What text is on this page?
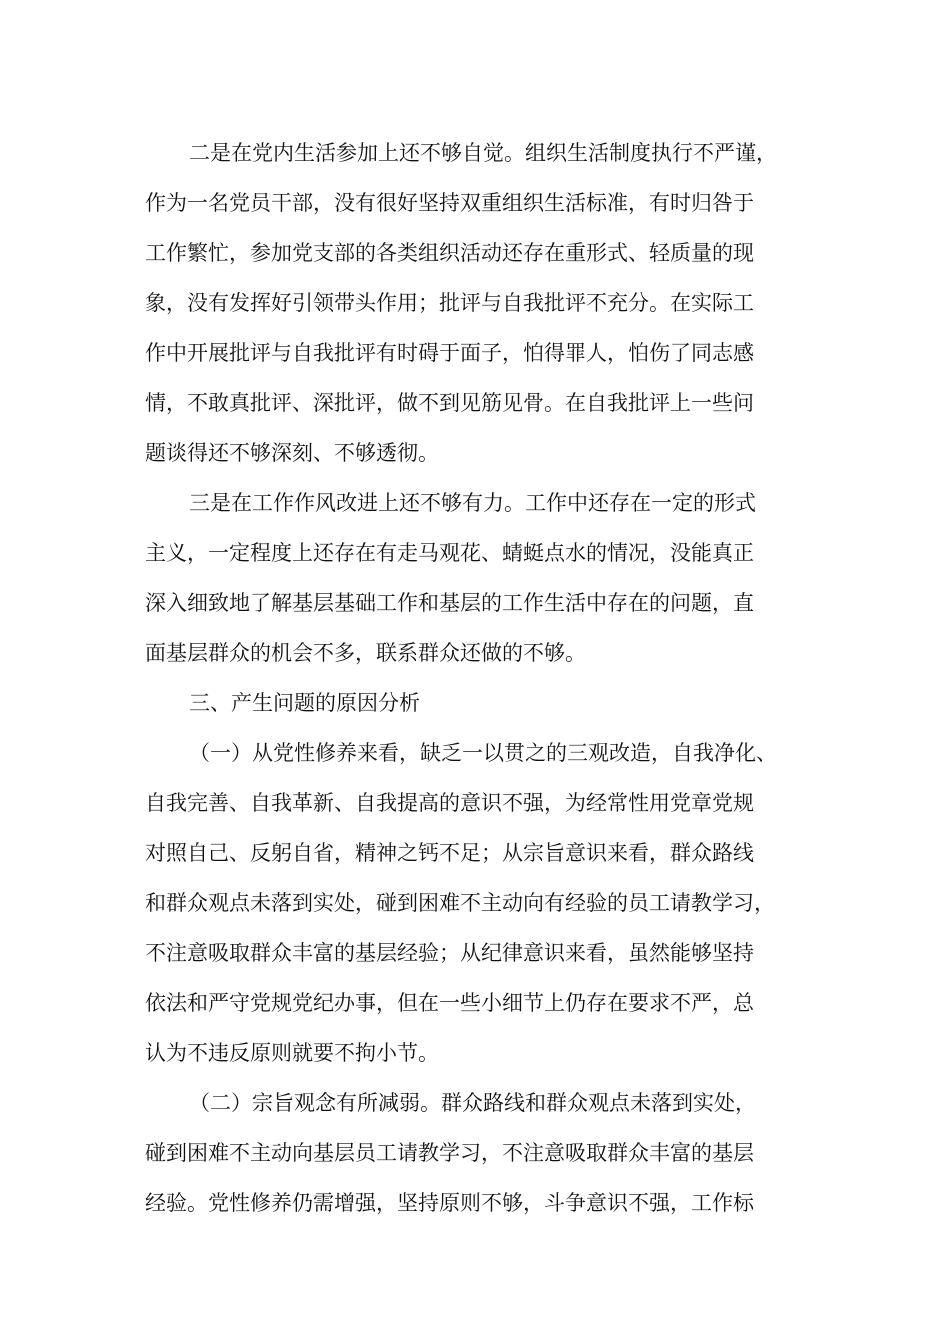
二是在党内生活参加上还不够自觉。组织生活制度执行不严谨，
作为一名党员干部，没有很好坚持双重组织生活标准，有时归咎于
工作繁忙，参加党支部的各类组织活动还存在重形式、轻质量的现
象，没有发挥好引领带头作用；批评与自我批评不充分。在实际工
作中开展批评与自我批评有时碍于面子，怕得罪人，怕伤了同志感
情，不敢真批评、深批评，做不到见筋见骨。在自我批评上一些问
题谈得还不够深刻、不够透彻。
三是在工作作风改进上还不够有力。工作中还存在一定的形式
主义，一定程度上还存在有走马观花、蜻蜓点水的情况，没能真正
深入细致地了解基层基础工作和基层的工作生活中存在的问题，直
面基层群众的机会不多，联系群众还做的不够。
三、产生问题的原因分析
（一）从党性修养来看，缺乏一以贯之的三观改造，自我净化、
自我完善、自我革新、自我提高的意识不强，为经常性用党章党规
对照自己、反躬自省，精神之钙不足；从宗旨意识来看，群众路线
和群众观点未落到实处，碰到困难不主动向有经验的员工请教学习，
不注意吸取群众丰富的基层经验；从纪律意识来看，虽然能够坚持
依法和严守党规党纪办事，但在一些小细节上仍存在要求不严，总
认为不违反原则就要不拘小节。
（二）宗旨观念有所减弱。群众路线和群众观点未落到实处，
碰到困难不主动向基层员工请教学习，不注意吸取群众丰富的基层
经验。党性修养仍需增强，坚持原则不够，斗争意识不强，工作标
